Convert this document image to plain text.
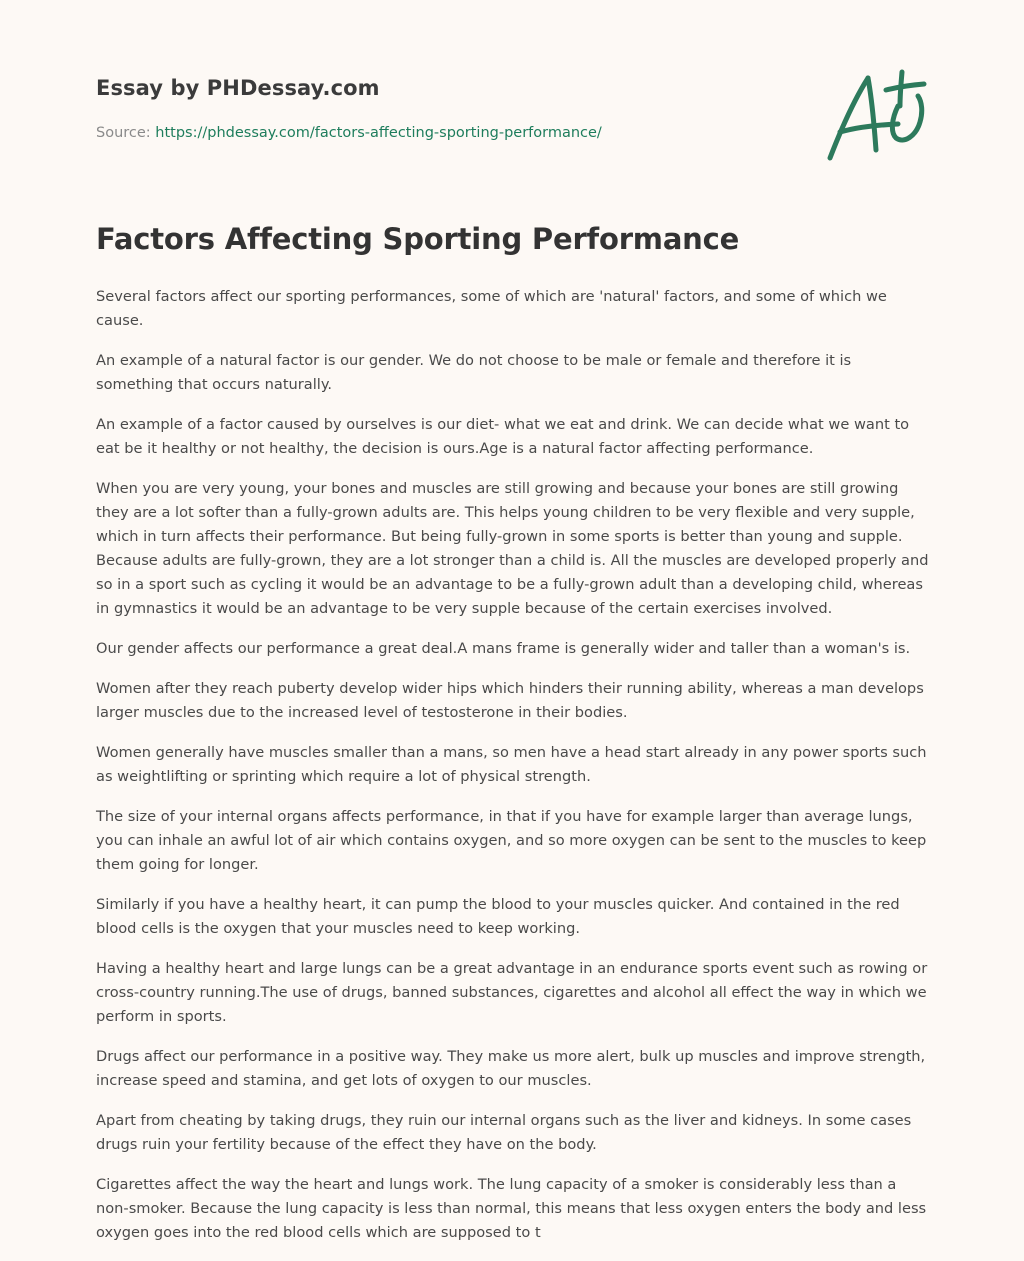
Essay by PHDessay.com
Source: https://phdessay.com/factors-affecting-sporting-performance/
Factors Affecting Sporting Performance

Several factors affect our sporting performances, some of which are 'natural' factors, and some of which we cause.

An example of a natural factor is our gender. We do not choose to be male or female and therefore it is something that occurs naturally.

An example of a factor caused by ourselves is our diet- what we eat and drink. We can decide what we want to eat be it healthy or not healthy, the decision is ours.Age is a natural factor affecting performance.

When you are very young, your bones and muscles are still growing and because your bones are still growing they are a lot softer than a fully-grown adults are. This helps young children to be very flexible and very supple, which in turn affects their performance. But being fully-grown in some sports is better than young and supple. Because adults are fully-grown, they are a lot stronger than a child is. All the muscles are developed properly and so in a sport such as cycling it would be an advantage to be a fully-grown adult than a developing child, whereas in gymnastics it would be an advantage to be very supple because of the certain exercises involved.

Our gender affects our performance a great deal.A mans frame is generally wider and taller than a woman's is.

Women after they reach puberty develop wider hips which hinders their running ability, whereas a man develops larger muscles due to the increased level of testosterone in their bodies.

Women generally have muscles smaller than a mans, so men have a head start already in any power sports such as weightlifting or sprinting which require a lot of physical strength.

The size of your internal organs affects performance, in that if you have for example larger than average lungs, you can inhale an awful lot of air which contains oxygen, and so more oxygen can be sent to the muscles to keep them going for longer.

Similarly if you have a healthy heart, it can pump the blood to your muscles quicker. And contained in the red blood cells is the oxygen that your muscles need to keep working.

Having a healthy heart and large lungs can be a great advantage in an endurance sports event such as rowing or cross-country running.The use of drugs, banned substances, cigarettes and alcohol all effect the way in which we perform in sports.

Drugs affect our performance in a positive way. They make us more alert, bulk up muscles and improve strength, increase speed and stamina, and get lots of oxygen to our muscles.

Apart from cheating by taking drugs, they ruin our internal organs such as the liver and kidneys. In some cases drugs ruin your fertility because of the effect they have on the body.

Cigarettes affect the way the heart and lungs work. The lung capacity of a smoker is considerably less than a non-smoker. Because the lung capacity is less than normal, this means that less oxygen enters the body and less oxygen goes into the red blood cells which are supposed to t
